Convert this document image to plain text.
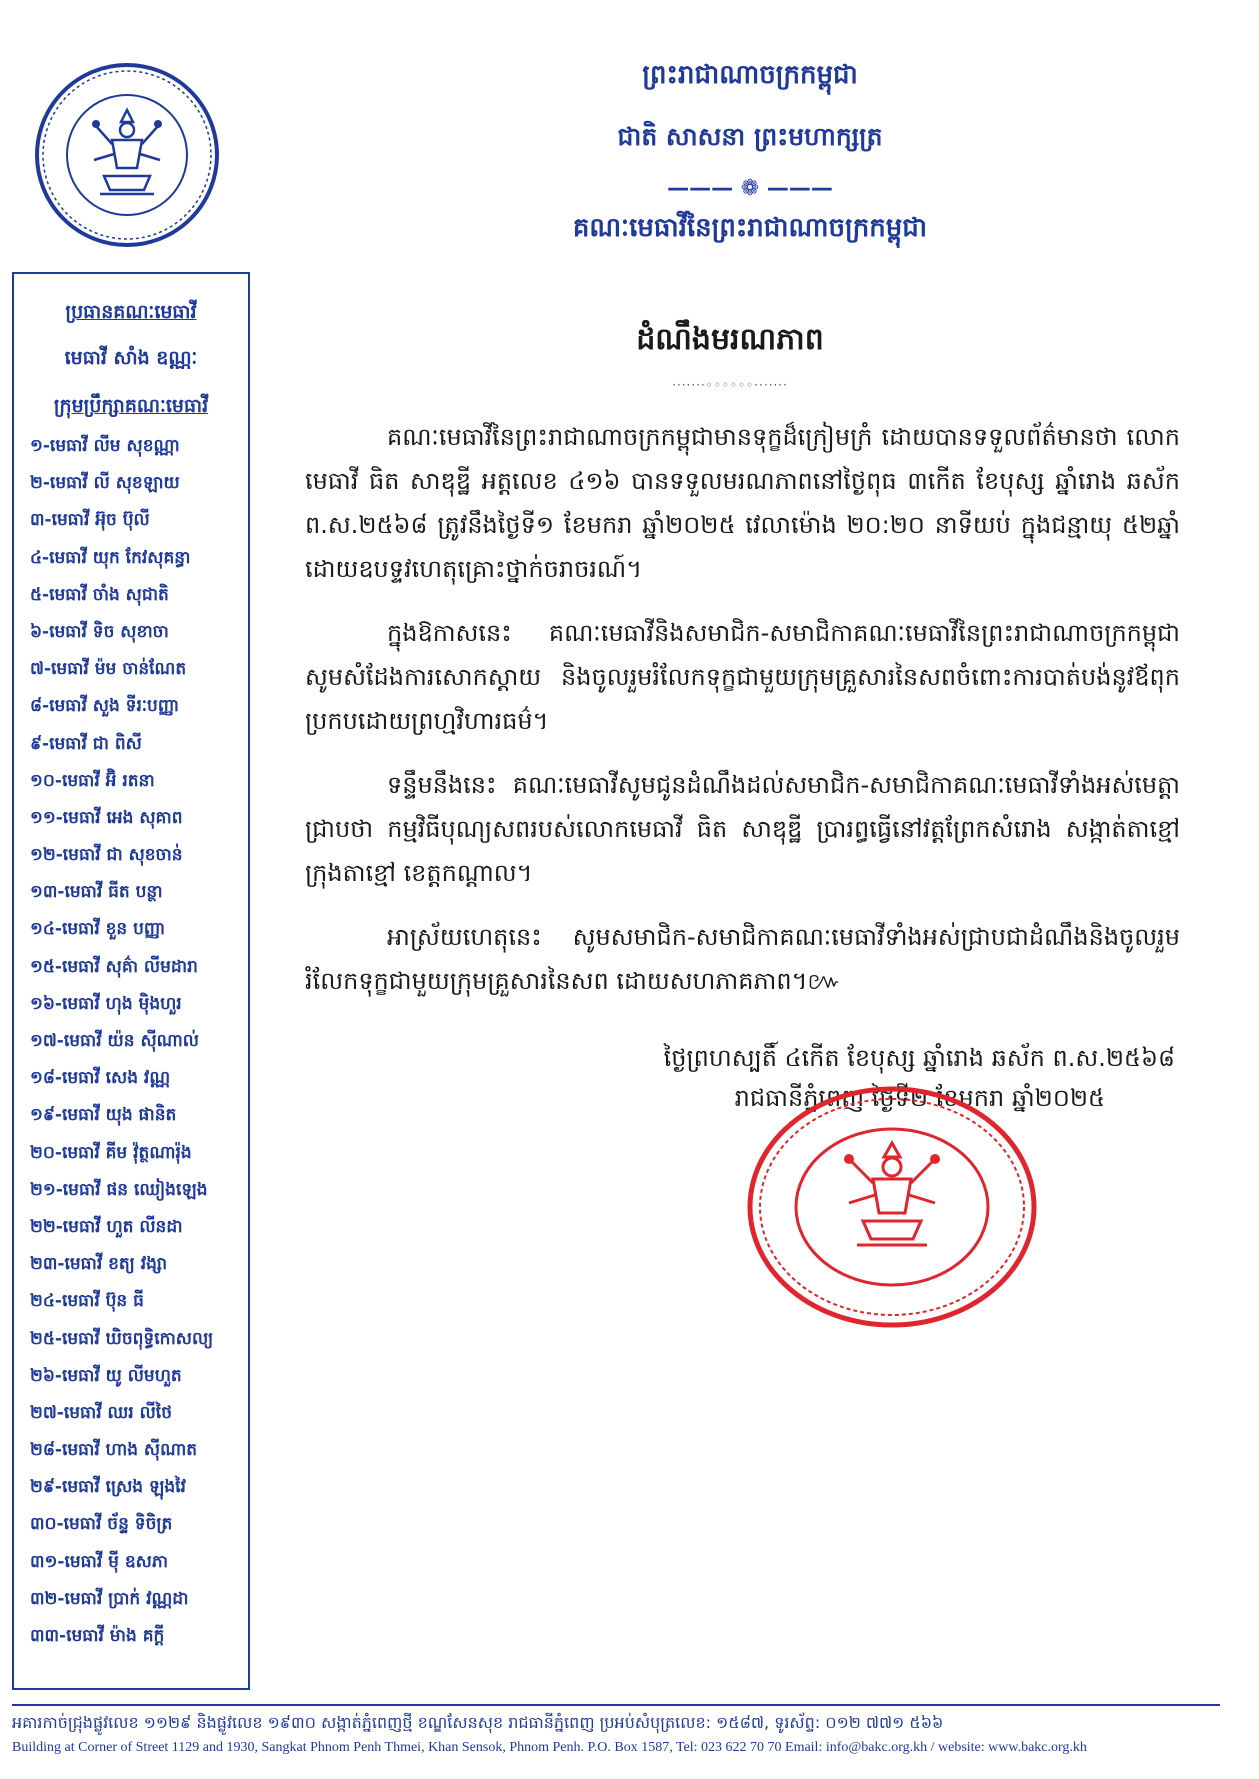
ព្រះរាជាណាចក្រកម្ពុជា
ជាតិ សាសនា ព្រះមហាក្សត្រ
——— ❁ ———
គណៈមេធាវីនៃព្រះរាជាណាចក្រកម្ពុជា
ប្រធានគណៈមេធាវី
មេធាវី សាំង ឧណ្ណៈ
ក្រុមប្រឹក្សាគណៈមេធាវី
១-មេធាវី លីម សុខណ្ណា
២-មេធាវី លី សុខឡាយ
៣-មេធាវី អ៊ុច ប៊ុលី
៤-មេធាវី យុក កែវសុគន្ធា
៥-មេធាវី ចាំង សុជាតិ
៦-មេធាវី ទិច សុខាចា
៧-មេធាវី ម៉ម ចាន់ណែត
៨-មេធាវី សួង ទីរៈបញ្ញា
៩-មេធាវី ជា ពិសី
១០-មេធាវី អ៊ិ រតនា
១១-មេធាវី អេង សុគាព
១២-មេធាវី ជា សុខចាន់
១៣-មេធាវី ធីត បន្ថា
១៤-មេធាវី ខួន បញ្ញា
១៥-មេធាវី សុគ៌ា លីមដារា
១៦-មេធាវី ហុង ម៉ិងហួរ
១៧-មេធាវី យ៉ន ស៊ីណាល់
១៨-មេធាវី សេង វណ្ណ
១៩-មេធាវី យុង ផានិត
២០-មេធាវី គីម វ៉ុត្ថណារ៉ុង
២១-មេធាវី ផន ឈៀងឡេង
២២-មេធាវី ហួត លីនដា
២៣-មេធាវី ខត្យ វង្សា
២៤-មេធាវី ប៊ុន ធី
២៥-មេធាវី ឃិចពុទ្ធិកោសល្យ
២៦-មេធាវី យូ លីមហួត
២៧-មេធាវី ឈរ លីថៃ
២៨-មេធាវី ហាង ស៊ីណាត
២៩-មេធាវី ស្រេង ឡុងវៃ
៣០-មេធាវី ច័ន្ទ ទិចិត្រ
៣១-មេធាវី ម៉ី ឧសភា
៣២-មេធាវី ប្រាក់ វណ្ណដា
៣៣-មេធាវី ម៉ាង គក្តី
ដំណឹងមរណភាព
·······◦◦◦◦◦◦·······

គណៈមេធាវីនៃព្រះរាជាណាចក្រកម្ពុជាមានទុក្ខដ៏ក្រៀមក្រំ ដោយបានទទួលព័ត៌មានថា លោកមេធាវី ធិត សាឌុឌ្ឋី អត្តលេខ ៤១៦ បានទទួលមរណភាពនៅថ្ងៃពុធ ៣កើត ខែបុស្ស ឆ្នាំរោង ឆស័ក ព.ស.២៥៦៨ ត្រូវនឹងថ្ងៃទី១ ខែមករា ឆ្នាំ២០២៥ វេលាម៉ោង ២០:២០ នាទីយប់ ក្នុងជន្មាយុ ៥២ឆ្នាំ ដោយឧបទ្ទវហេតុគ្រោះថ្នាក់ចរាចរណ៍។

ក្នុងឱកាសនេះ គណៈមេធាវីនិងសមាជិក-សមាជិកាគណៈមេធាវីនៃព្រះរាជាណាចក្រកម្ពុជាសូមសំដែងការសោកស្តាយ និងចូលរួមរំលែកទុក្ខជាមួយក្រុមគ្រួសារនៃសពចំពោះការបាត់បង់នូវឪពុក ប្រកបដោយព្រហ្មវិហារធម៌។

ទន្ទឹមនឹងនេះ គណៈមេធាវីសូមជូនដំណឹងដល់សមាជិក-សមាជិកាគណៈមេធាវីទាំងអស់មេត្តាជ្រាបថា កម្មវិធីបុណ្យសពរបស់លោកមេធាវី ធិត សាឌុឌ្ឋី ប្រារព្ធធ្វើនៅវត្តព្រែកសំរោង សង្កាត់តាខ្មៅ ក្រុងតាខ្មៅ ខេត្តកណ្តាល។

អាស្រ័យហេតុនេះ សូមសមាជិក-សមាជិកាគណៈមេធាវីទាំងអស់ជ្រាបជាដំណឹងនិងចូលរួមរំលែកទុក្ខជាមួយក្រុមគ្រួសារនៃសព ដោយសហភាគភាព។៚

ថ្ងៃព្រហស្បតិ៍ ៤កើត ខែបុស្ស ឆ្នាំរោង ឆស័ក ព.ស.២៥៦៨
រាជធានីភ្នំពេញ ថ្ងៃទី២ ខែមករា ឆ្នាំ២០២៥
អគារកាច់ជ្រុងផ្លូវលេខ ១១២៩ និងផ្លូវលេខ ១៩៣០ សង្កាត់ភ្នំពេញថ្មី ខណ្ឌសែនសុខ រាជធានីភ្នំពេញ ប្រអប់សំបុត្រលេខ: ១៥៨៧, ទូរស័ព្ទ: ០១២ ៧៧១ ៥៦៦
Building at Corner of Street 1129 and 1930, Sangkat Phnom Penh Thmei, Khan Sensok, Phnom Penh. P.O. Box 1587, Tel: 023 622 70 70 Email: info@bakc.org.kh / website: www.bakc.org.kh
